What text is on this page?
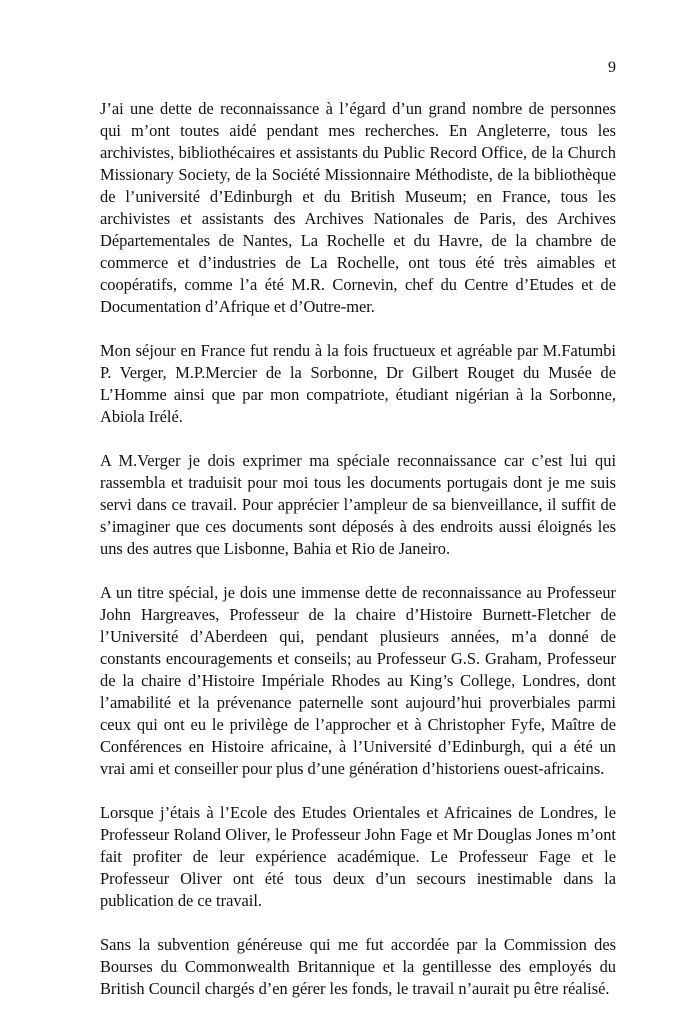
9

J’ai une dette de reconnaissance à l’égard d’un grand nombre de personnes qui m’ont toutes aidé pendant mes recherches. En Angleterre, tous les archivistes, bibliothécaires et assistants du Public Record Office, de la Church Missionary Society, de la Société Missionnaire Méthodiste, de la bibliothèque de l’université d’Edinburgh et du British Museum; en France, tous les archivistes et assistants des Archives Nationales de Paris, des Archives Départementales de Nantes, La Rochelle et du Havre, de la chambre de commerce et d’industries de La Rochelle, ont tous été très aimables et coopératifs, comme l’a été M.R. Cornevin, chef du Centre d’Etudes et de Documentation d’Afrique et d’Outre-mer.

Mon séjour en France fut rendu à la fois fructueux et agréable par M.Fatumbi P. Verger, M.P.Mercier de la Sorbonne, Dr Gilbert Rouget du Musée de L’Homme ainsi que par mon compatriote, étudiant nigérian à la Sorbonne, Abiola Irélé.

A M.Verger je dois exprimer ma spéciale reconnaissance car c’est lui qui rassembla et traduisit pour moi tous les documents portugais dont je me suis servi dans ce travail. Pour apprécier l’ampleur de sa bienveillance, il suffit de s’imaginer que ces documents sont déposés à des endroits aussi éloignés les uns des autres que Lisbonne, Bahia et Rio de Janeiro.

A un titre spécial, je dois une immense dette de reconnaissance au Professeur John Hargreaves, Professeur de la chaire d’Histoire Burnett-Fletcher de l’Université d’Aberdeen qui, pendant plusieurs années, m’a donné de constants encouragements et conseils; au Professeur G.S. Graham, Professeur de la chaire d’Histoire Impériale Rhodes au King’s College, Londres, dont l’amabilité et la prévenance paternelle sont aujourd’hui proverbiales parmi ceux qui ont eu le privilège de l’approcher et à Christopher Fyfe, Maître de Conférences en Histoire africaine, à l’Université d’Edinburgh, qui a été un vrai ami et conseiller pour plus d’une génération d’historiens ouest-africains.

Lorsque j’étais à l’Ecole des Etudes Orientales et Africaines de Londres, le Professeur Roland Oliver, le Professeur John Fage et Mr Douglas Jones m’ont fait profiter de leur expérience académique. Le Professeur Fage et le Professeur Oliver ont été tous deux d’un secours inestimable dans la publication de ce travail.

Sans la subvention généreuse qui me fut accordée par la Commission des Bourses du Commonwealth Britannique et la gentillesse des employés du British Council chargés d’en gérer les fonds, le travail n’aurait pu être réalisé.
